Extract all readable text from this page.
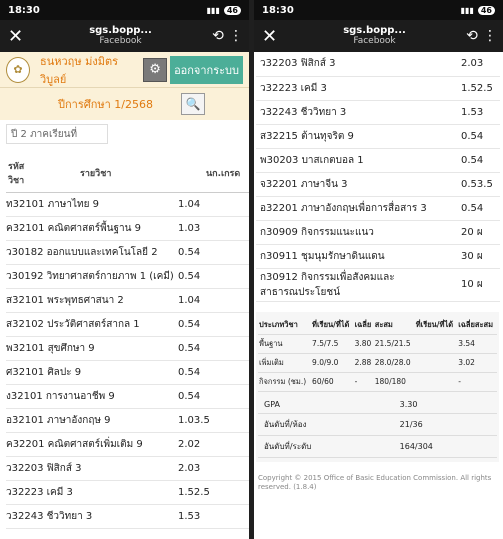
18:30	▮▮▮ 46
✕	sgs.bopp...
Facebook	⟲ ⋮
✿
ธนหวฤษ ม่งมิตรวิบูลย์
⚙	ออกจากระบบ
ปีการศึกษา 1/2568	🔍
ปี 2 ภาคเรียนที่
รหัส
วิชา	รายวิชา	นก.เกรด
ท32101 ภาษาไทย 9	1.04
ค32101 คณิตศาสตร์พื้นฐาน 9	1.03
ว30182 ออกแบบและเทคโนโลยี 2	0.54
ว30192 วิทยาศาสตร์กายภาพ 1 (เคมี)	0.54
ส32101 พระพุทธศาสนา 2	1.04
ส32102 ประวัติศาสตร์สากล 1	0.54
พ32101 สุขศึกษา 9	0.54
ศ32101 ศิลปะ 9	0.54
ง32101 การงานอาชีพ 9	0.54
อ32101 ภาษาอังกฤษ 9	1.03.5
ค32201 คณิตศาสตร์เพิ่มเติม 9	2.02
ว32203 ฟิสิกส์ 3	2.03
ว32223 เคมี 3	1.52.5
ว32243 ชีววิทยา 3	1.53
18:30	▮▮▮ 46
✕	sgs.bopp...
Facebook	⟲ ⋮
ว32203 ฟิสิกส์ 3	2.03
ว32223 เคมี 3	1.52.5
ว32243 ชีววิทยา 3	1.53
ส32215 ต้านทุจริต 9	0.54
พ30203 บาสเกตบอล 1	0.54
จ32201 ภาษาจีน 3	0.53.5
อ32201 ภาษาอังกฤษเพื่อการสื่อสาร 3	0.54
ก30909 กิจกรรมแนะแนว	20 ผ
ก30911 ชุมนุมรักษาดินแดน	30 ผ
ก30912 กิจกรรมเพื่อสังคมและสาธารณประโยชน์	10 ผ
ประเภทวิชา	ที่เรียน/ที่ได้	เฉลี่ย	สะสม	ที่เรียน/ที่ได้	เฉลี่ยสะสม
พื้นฐาน	7.5/7.5	3.80	21.5/21.5		3.54
เพิ่มเติม	9.0/9.0	2.88	28.0/28.0		3.02
กิจกรรม (ชม.)	60/60	-	180/180		-
GPA	3.30
อันดับที่/ห้อง	21/36
อันดับที่/ระดับ	164/304
Copyright © 2015 Office of Basic Education Commission. All rights reserved. (1.8.4)
